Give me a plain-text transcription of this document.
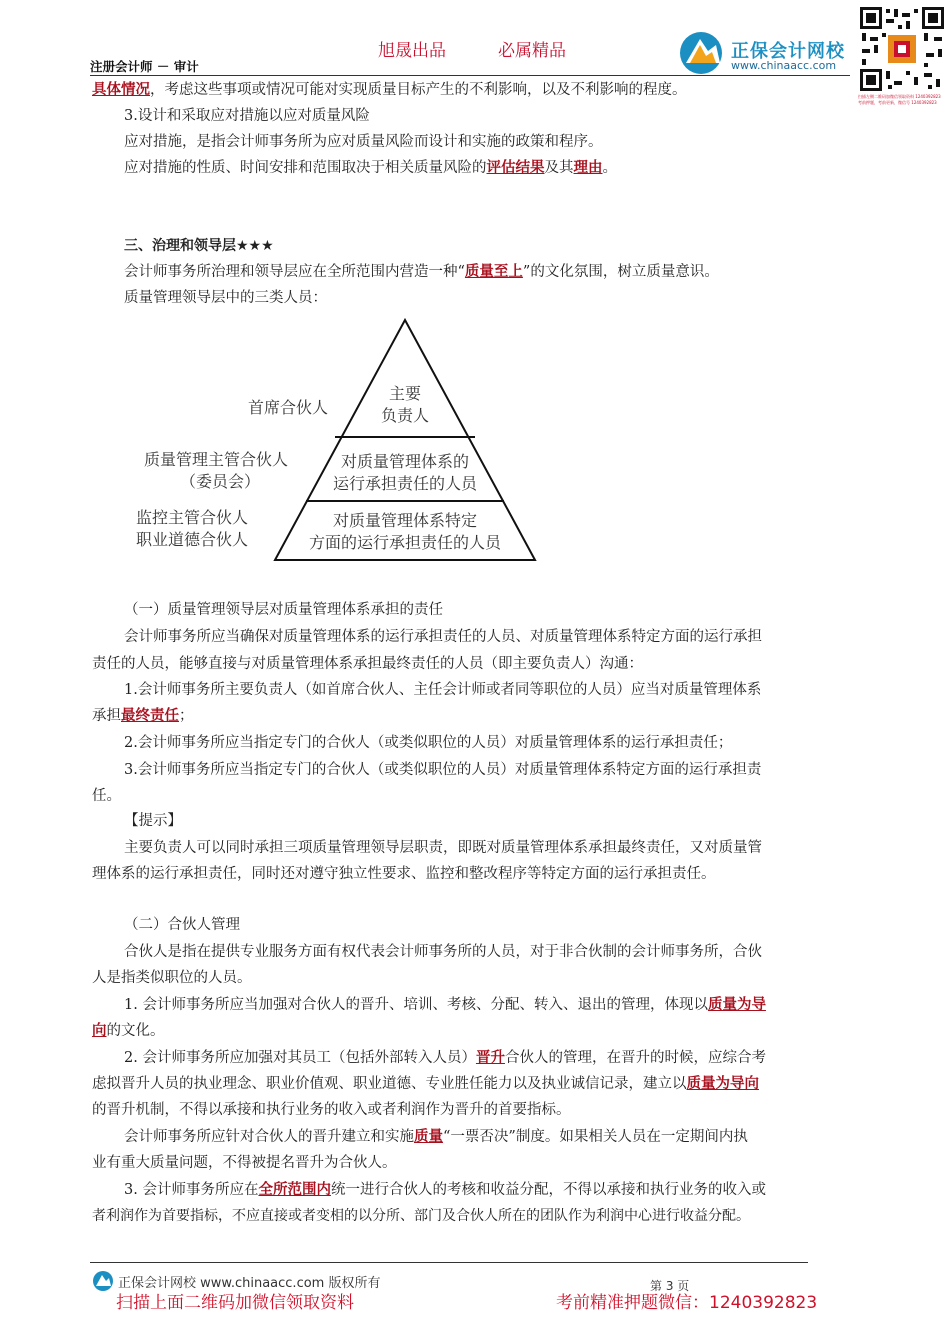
旭晟出品	必属精品
注册会计师 － 审计
正保会计网校
www.chinaacc.com
扫描左侧二维码加微信领取资料 1240392823
考前押题，考前更新，微信号 1240392823
具体情况，考虑这些事项或情况可能对实现质量目标产生的不利影响，以及不利影响的程度。
3.设计和采取应对措施以应对质量风险
应对措施，是指会计师事务所为应对质量风险而设计和实施的政策和程序。
应对措施的性质、时间安排和范围取决于相关质量风险的评估结果及其理由。
三、治理和领导层★★★
会计师事务所治理和领导层应在全所范围内营造一种“质量至上”的文化氛围，树立质量意识。
质量管理领导层中的三类人员：
首席合伙人
质量管理主管合伙人
（委员会）
监控主管合伙人
职业道德合伙人
主要
负责人
对质量管理体系的
运行承担责任的人员
对质量管理体系特定
方面的运行承担责任的人员
（一）质量管理领导层对质量管理体系承担的责任
会计师事务所应当确保对质量管理体系的运行承担责任的人员、对质量管理体系特定方面的运行承担
责任的人员，能够直接与对质量管理体系承担最终责任的人员（即主要负责人）沟通：
1.会计师事务所主要负责人（如首席合伙人、主任会计师或者同等职位的人员）应当对质量管理体系
承担最终责任；
2.会计师事务所应当指定专门的合伙人（或类似职位的人员）对质量管理体系的运行承担责任；
3.会计师事务所应当指定专门的合伙人（或类似职位的人员）对质量管理体系特定方面的运行承担责
任。
【提示】
主要负责人可以同时承担三项质量管理领导层职责，即既对质量管理体系承担最终责任，又对质量管
理体系的运行承担责任，同时还对遵守独立性要求、监控和整改程序等特定方面的运行承担责任。
（二）合伙人管理
合伙人是指在提供专业服务方面有权代表会计师事务所的人员，对于非合伙制的会计师事务所，合伙
人是指类似职位的人员。
1. 会计师事务所应当加强对合伙人的晋升、培训、考核、分配、转入、退出的管理，体现以质量为导
向的文化。
2. 会计师事务所应加强对其员工（包括外部转入人员）晋升合伙人的管理，在晋升的时候，应综合考
虑拟晋升人员的执业理念、职业价值观、职业道德、专业胜任能力以及执业诚信记录，建立以质量为导向
的晋升机制，不得以承接和执行业务的收入或者利润作为晋升的首要指标。
会计师事务所应针对合伙人的晋升建立和实施质量“一票否决”制度。如果相关人员在一定期间内执
业有重大质量问题，不得被提名晋升为合伙人。
3. 会计师事务所应在全所范围内统一进行合伙人的考核和收益分配，不得以承接和执行业务的收入或
者利润作为首要指标，不应直接或者变相的以分所、部门及合伙人所在的团队作为利润中心进行收益分配。
正保会计网校 www.chinaacc.com 版权所有	第 3 页
扫描上面二维码加微信领取资料	考前精准押题微信：1240392823
